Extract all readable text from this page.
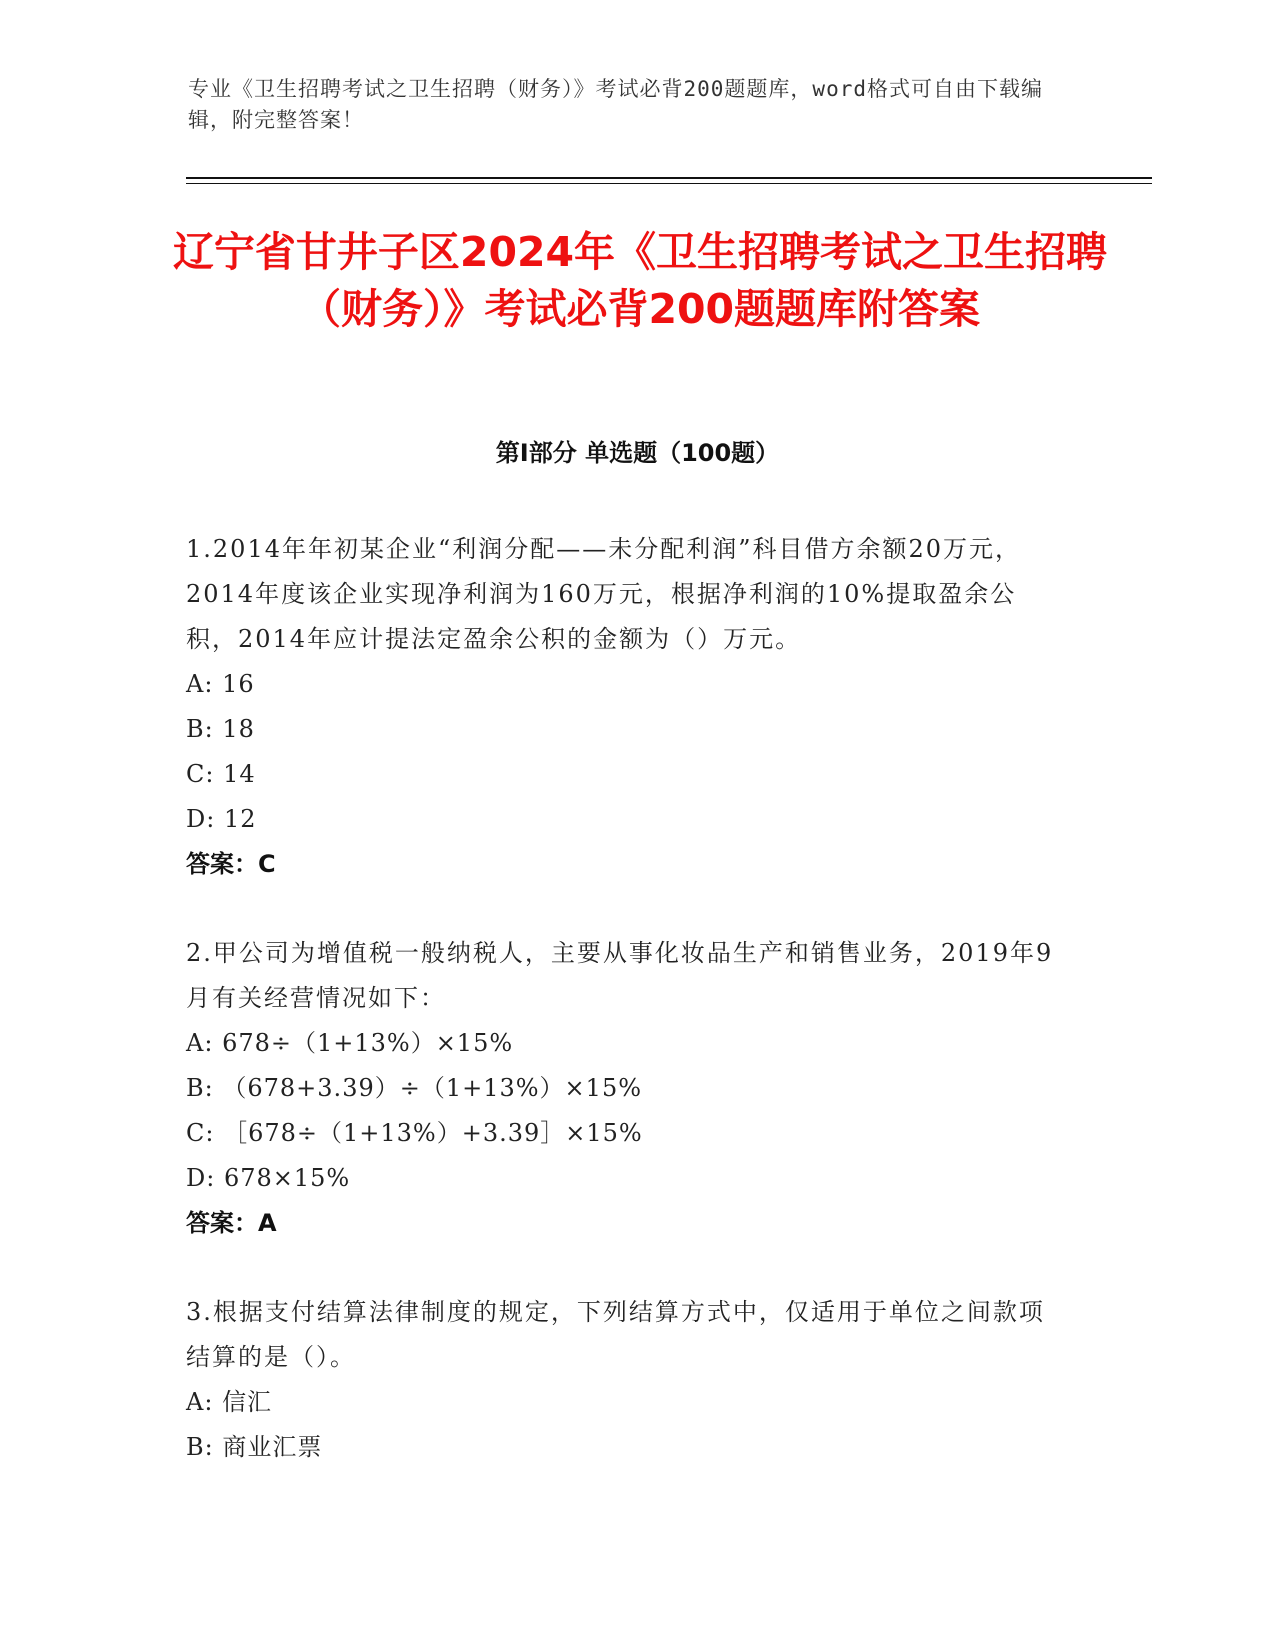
专业《卫生招聘考试之卫生招聘（财务）》考试必背200题题库，word格式可自由下载编辑，附完整答案！
辽宁省甘井子区2024年《卫生招聘考试之卫生招聘（财务）》考试必背200题题库附答案
第I部分 单选题（100题）
1.2014年年初某企业“利润分配——未分配利润”科目借方余额20万元，2014年度该企业实现净利润为160万元，根据净利润的10%提取盈余公积，2014年应计提法定盈余公积的金额为（）万元。
A: 16
B: 18
C: 14
D: 12
答案：C
2.甲公司为增值税一般纳税人，主要从事化妆品生产和销售业务，2019年9月有关经营情况如下：
A: 678÷（1+13%）×15%
B: （678+3.39）÷（1+13%）×15%
C: ［678÷（1+13%）+3.39］×15%
D: 678×15%
答案：A
3.根据支付结算法律制度的规定，下列结算方式中，仅适用于单位之间款项结算的是（）。
A: 信汇
B: 商业汇票
